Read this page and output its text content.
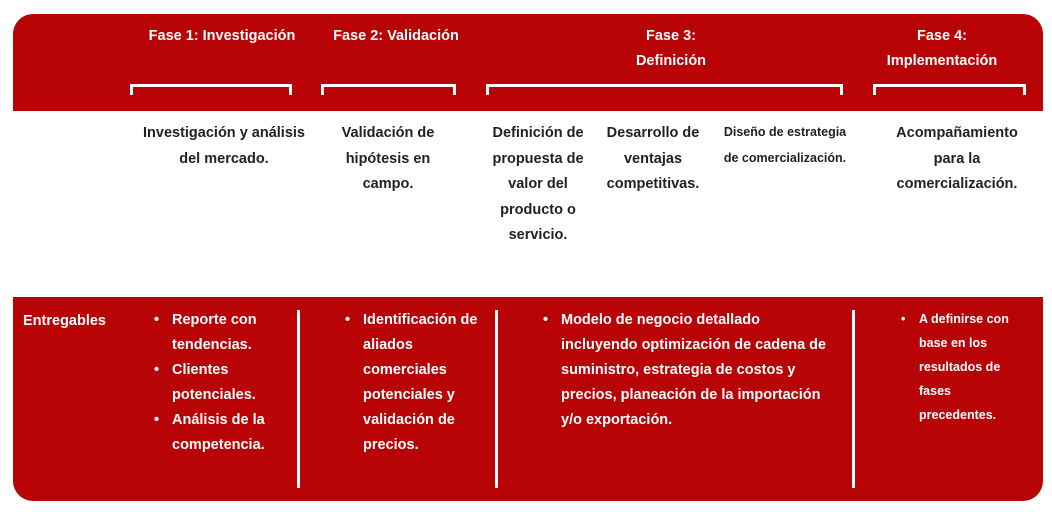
Fase 1: Investigación	Fase 2: Validación	Fase 3:
Definición
Fase 4:
Implementación
Investigación y análisis del mercado.
Validación de hipótesis en campo.
Definición de propuesta de valor del producto o servicio.
Desarrollo de ventajas competitivas.
Diseño de estrategia de comercialización.
Acompañamiento para la comercialización.
Entregables
•	Reporte con tendencias.
• Clientes potenciales.
• Análisis de la competencia.
• Identificación de aliados comerciales potenciales y validación de precios.
• Modelo de negocio detallado incluyendo optimización de cadena de suministro, estrategia de costos y precios, planeación de la importación y/o exportación.
• A definirse con base en los resultados de fases precedentes.
